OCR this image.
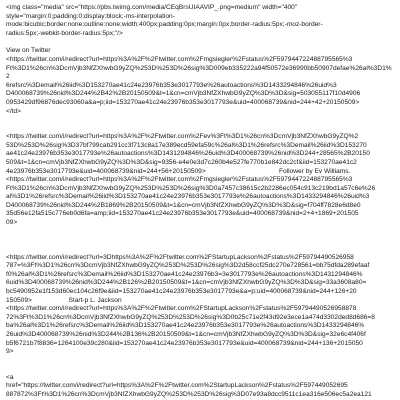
<img class="media" src="https://pbs.twimg.com/media/CEqBrsUIAAVIP_.png=medium" width="400"
style="margin:0;padding:0;display:block;-ms-interpolation-
mode:bicubic;border:none;outline:none;width:400px;padding:0px;margin:0px;border-radius:5px;-moz-border-
radius:5px;-webkit-border-radius:5px;"/>

View on Twitter

<https://twitter.com/i/redirect?url=https%3A%2F%2Ftwitter.com%2Fmgsiegler%2Fstatus%2F597944722488795565%3
Ft%3D1%26cn%3DcmVjb3NfZXhwbG9yZQ%253D%253D%26sig%3D009eb335222a94f50572e36990bb50907defae%26al%3D1%2
6refsrc%3Demail%26iid%3D153270ae41c24e23976b353e3017793e%26autoactions%3D1433294846%26uid%3
D400068739%26nid%3D244%2B42%2B20150509&t=1&cn=cmVjb3NfZXhwbG9yZQ%3D%3D&sig=503055117f10d4906
0953429df96876dec93060a&a=p;iid=153270ae41c24e23976b353e3017793e&uid=400068739&nid=244+42+20150509>
</td>

<https://twitter.com/i/redirect?url=https%3A%2F%2Ftwitter.com%2Fev%3Ft%3D1%26cn%3DcmVjb3NfZXhwbG9yZQ%2
53D%253D%26sig%3D37bf799cab291cc3f713c8a17e389ecd59efa59c%26al%3D1%26refsrc%3Demail%26iid%3D153270
ae41c24e23976b353e3017793e%26autoactions%3D1431294846%26uid%3D400068739%26nid%3D244+28565%2B20150
509&t=1&cn=cmVjb3NfZXhwbG9yZQ%3D%3D&sig=9356-e4e0e3d7c260b4e527fe770b1e842dc2cf&iid=153270ae41c2
4e23976b353e3017793e&uid=400068739&nid=244+56+20150509>                                        Follower by Ev Williams.

<https://twitter.com/i/redirect?url=https%3A%2F%2Ftwitter.com%2Fmgsiegler%2Fstatus%2F597944722488795565%3
Ft%3D1%26cn%3DcmVjb3NfZXhwbG9yZQ%253D%253D%26sig%3D0a7457c38615c2b2286ec054c913c219bd1a57c6e%26
al%3D1%26refsrc%3Demail%26iid%3D153270ae41c24e23976b353e3017793e%26autoactions%3D1433294846%26uid%3
D400068739%26nid%3D244%2B1869%2B20150509&t=1&cn=cmVjb3NfZXhwbG9yZQ%3D%3D&sig=f704ff7828e6d8e0
35d56e12fa515c776eb0d6fa=amp;iid=153270ae41c24e23976b353e3017793e&uid=400068739&nid=2+4+1869+201505
09>

<https://twitter.com/i/redirect?url=3Dhttps%3A%2F%2Ftwitter.com%2FStartupLackson%2Fstatus%2F59794490526958
787=%3Ft%3D1%26cn%3DcmVjb3NfZXhwbG9yZQ%253D%253D%26sig%3D2d58ccf25dc270e728561=bb75dfda289efaaf
f0%26al%3D1%26refsrc%3Demail%26iid%3D153270ae41c24e23976b3=3e3017793e%26autoactions%3D1431294846%
6uid%3D400068739%26nid%3D244%2B126%2B20150509&t=1&cn=cmVjb3NfZXhwbG9yZQ%3D%3D&sig=33a3608a80=
bc5490952e1f153d60ec104c26f9e&iid=153270ae41c24e23976b353e3017793e&a=p;uid=400068739&nid=244+126+20
150509>                    Start-p L. Jackson

<https://twitter.com/i/redirect?url=https%3A%2F%2Ftwitter.com%2FStartupLackson%2Fstatus%2F59794490526958878
72%3Ft%3D1%26cn%3DcmVjb3NfZXhwbG9yZQ%253D%253D%26sig%3D0b25c71e2f43d92e3ece1a474d3302ded8d686=8
ba%26al%3D1%26refsrc%3Demail%26iid%3D153270ae41c24e23976b353e3017793e%26autoactions%3D1433294846%
26uid%3D400068739%26nid%3D244%2B136%2B20150509&t=1&cn=cmVjb3NfZXhwbG9yZQ%3D%3D&sig=32e6c4f406f
b5f6721b7f8836=1264100e39c280&iid=153270ae41c24e23976b353e3017793e&uid=400068739&nid=244+136+2015050
9>

<a
href="https://twitter.com/i/redirect?url=https%3A%2F%2Ftwitter.com%2StartupLackson%2Fstatus%2F597449052695
887872%3Ft%3D1%26cn%3DcmVjb3NfZXhwbG9yZQ%253D%253D%26sig%3D07e93a8dcc9511c1ea316e506ec5a2ea121
